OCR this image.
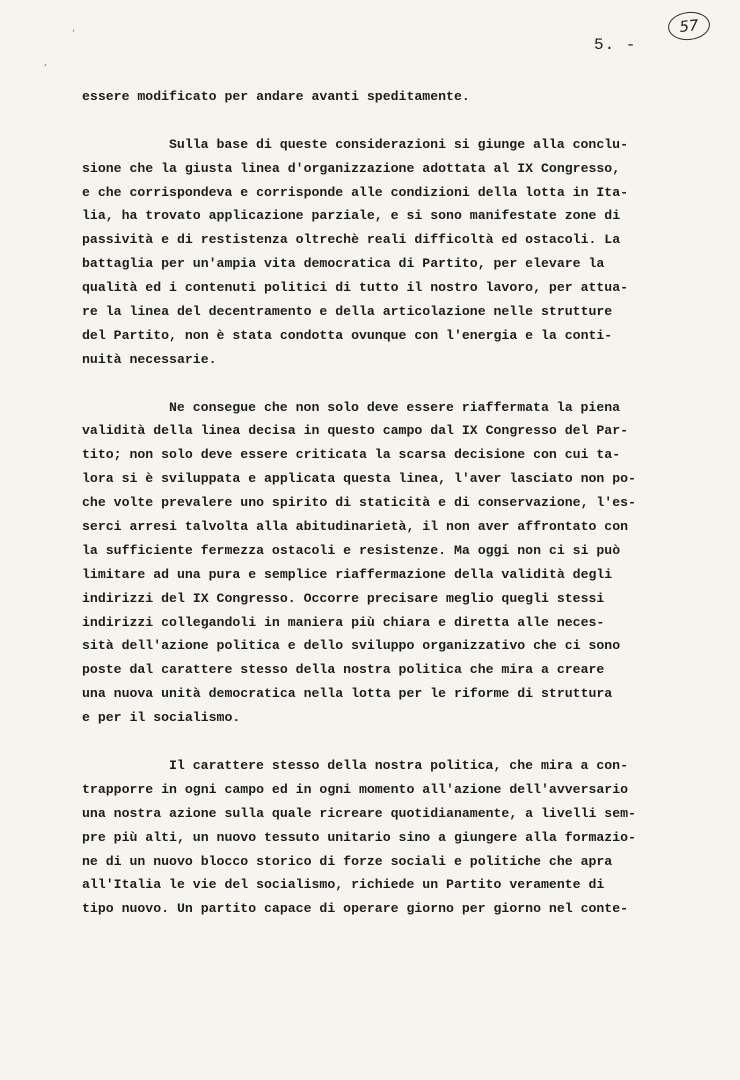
˒
ˏ
57
5. -
essere modificato per andare avanti speditamente.
Sulla base di queste considerazioni si giunge alla conclu-
sione che la giusta linea d'organizzazione adottata al IX Congresso,
e che corrispondeva e corrisponde alle condizioni della lotta in Ita-
lia, ha trovato applicazione parziale, e si sono manifestate zone di
passività e di restistenza oltrechè reali difficoltà ed ostacoli. La
battaglia per un'ampia vita democratica di Partito, per elevare la
qualità ed i contenuti politici di tutto il nostro lavoro, per attua-
re la linea del decentramento e della articolazione nelle strutture
del Partito, non è stata condotta ovunque con l'energia e la conti-
nuità necessarie.
Ne consegue che non solo deve essere riaffermata la piena
validità della linea decisa in questo campo dal IX Congresso del Par-
tito; non solo deve essere criticata la scarsa decisione con cui ta-
lora si è sviluppata e applicata questa linea, l'aver lasciato non po-
che volte prevalere uno spirito di staticità e di conservazione, l'es-
serci arresi talvolta alla abitudinarietà, il non aver affrontato con
la sufficiente fermezza ostacoli e resistenze. Ma oggi non ci si può
limitare ad una pura e semplice riaffermazione della validità degli
indirizzi del IX Congresso. Occorre precisare meglio quegli stessi
indirizzi collegandoli in maniera più chiara e diretta alle neces-
sità dell'azione politica e dello sviluppo organizzativo che ci sono
poste dal carattere stesso della nostra politica che mira a creare
una nuova unità democratica nella lotta per le riforme di struttura
e per il socialismo.
Il carattere stesso della nostra politica, che mira a con-
trapporre in ogni campo ed in ogni momento all'azione dell'avversario
una nostra azione sulla quale ricreare quotidianamente, a livelli sem-
pre più alti, un nuovo tessuto unitario sino a giungere alla formazio-
ne di un nuovo blocco storico di forze sociali e politiche che apra
all'Italia le vie del socialismo, richiede un Partito veramente di
tipo nuovo. Un partito capace di operare giorno per giorno nel conte-
